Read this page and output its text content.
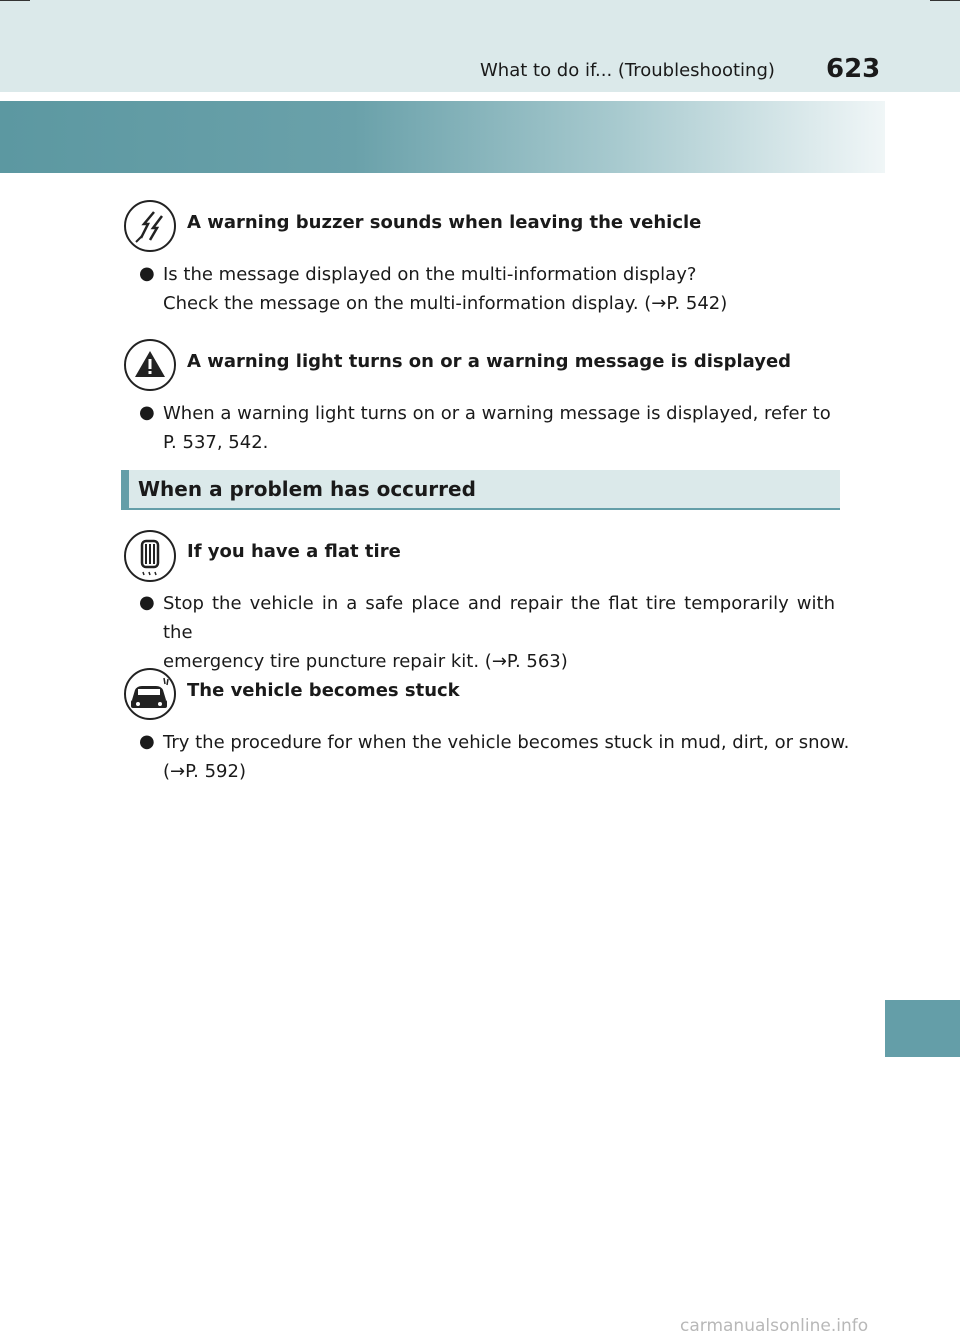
What to do if... (Troubleshooting) 623
A warning buzzer sounds when leaving the vehicle
● Is the message displayed on the multi-information display?
Check the message on the multi-information display. (→P. 542)
A warning light turns on or a warning message is displayed
● When a warning light turns on or a warning message is displayed, refer to
P. 537, 542.
When a problem has occurred
If you have a flat tire
● Stop the vehicle in a safe place and repair the flat tire temporarily with the
emergency tire puncture repair kit. (→P. 563)
The vehicle becomes stuck
● Try the procedure for when the vehicle becomes stuck in mud, dirt, or snow.
(→P. 592)
carmanualsonline.info
